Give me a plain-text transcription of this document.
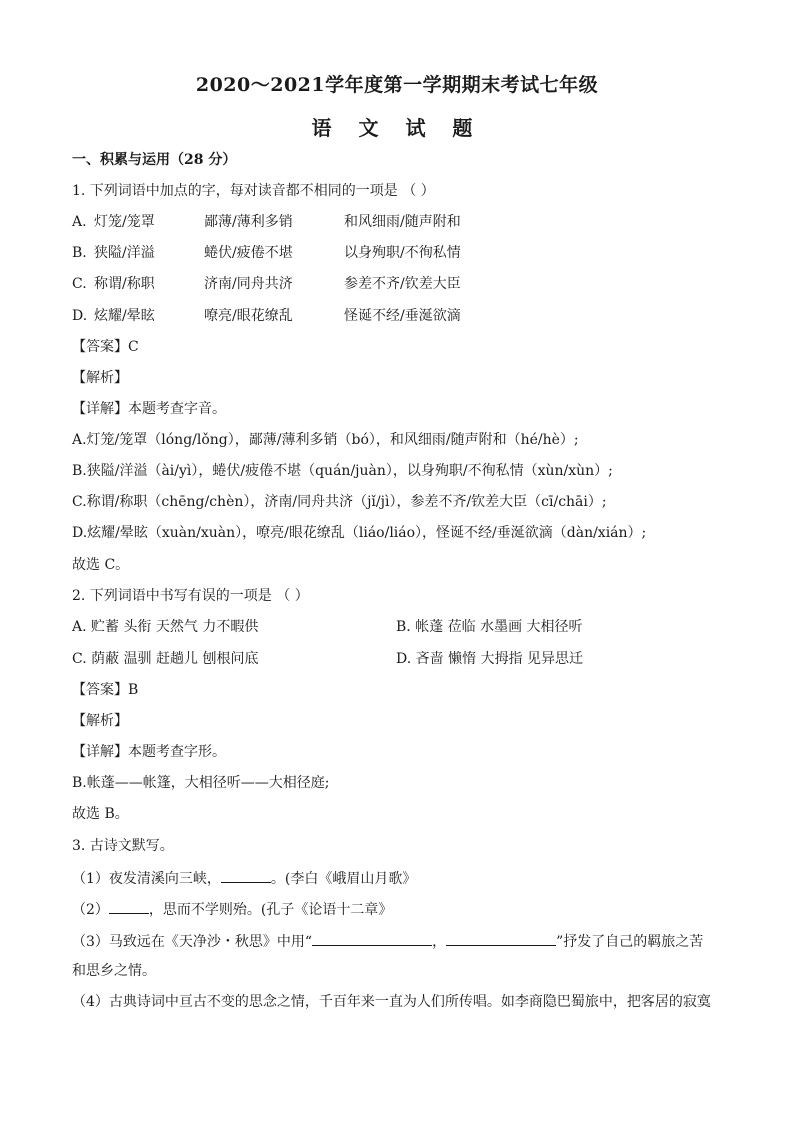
2020～2021学年度第一学期期末考试七年级
语 文 试 题
一、积累与运用（28 分）
1. 下列词语中加点的字，每对读音都不相同的一项是 （ ）
A. 灯笼/笼罩	鄙薄/薄利多销	和风细雨/随声附和
B. 狭隘/洋溢	蜷伏/疲倦不堪	以身殉职/不徇私情
C. 称谓/称职	济南/同舟共济	参差不齐/钦差大臣
D. 炫耀/晕眩	嘹亮/眼花缭乱	怪诞不经/垂涎欲滴
【答案】C
【解析】
【详解】本题考查字音。
A.灯笼/笼罩（lóng/lǒng），鄙薄/薄利多销（bó），和风细雨/随声附和（hé/hè）;
B.狭隘/洋溢（ài/yì），蜷伏/疲倦不堪（quán/juàn），以身殉职/不徇私情（xùn/xùn）;
C.称谓/称职（chēng/chèn），济南/同舟共济（jǐ/jì），参差不齐/钦差大臣（cī/chāi）;
D.炫耀/晕眩（xuàn/xuàn），嘹亮/眼花缭乱（liáo/liáo），怪诞不经/垂涎欲滴（dàn/xián）;
故选 C。
2. 下列词语中书写有误的一项是 （ ）
A. 贮蓄 头衔 天然气 力不暇供	B. 帐蓬 莅临 水墨画 大相径听
C. 荫蔽 温驯 赶趟儿 刨根问底	D. 吝啬 懒惰 大拇指 见异思迁
【答案】B
【解析】
【详解】本题考查字形。
B.帐蓬——帐篷，大相径听——大相径庭;
故选 B。
3. 古诗文默写。
（1）夜发清溪向三峡，	。(李白《峨眉山月歌》
（2）	，思而不学则殆。(孔子《论语十二章》
（3）马致远在《天净沙・秋思》中用“	，	”抒发了自己的羁旅之苦
和思乡之情。
（4）古典诗词中亘古不变的思念之情，千百年来一直为人们所传唱。如李商隐巴蜀旅中，把客居的寂寞
